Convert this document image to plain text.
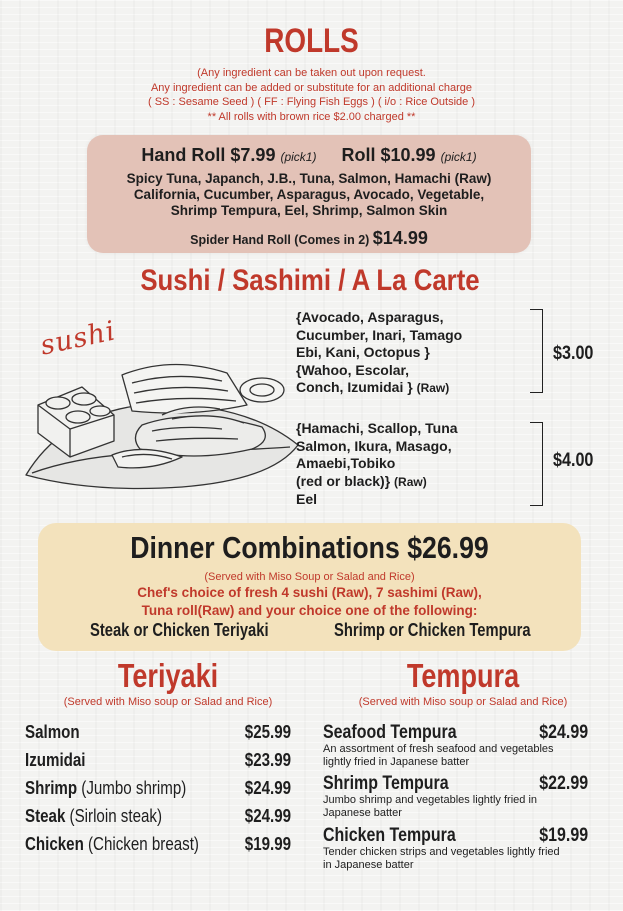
ROLLS
(Any ingredient can be taken out upon request.
Any ingredient can be added or substitute for an additional charge
( SS : Sesame Seed ) ( FF : Flying Fish Eggs ) ( i/o : Rice Outside )
** All rolls with brown rice $2.00 charged **
Hand Roll $7.99 (pick1) Roll $10.99 (pick1)
Spicy Tuna, Japanch, J.B., Tuna, Salmon, Hamachi (Raw)
California, Cucumber, Asparagus, Avocado, Vegetable,
Shrimp Tempura, Eel, Shrimp, Salmon Skin
Spider Hand Roll (Comes in 2) $14.99
Sushi / Sashimi / A La Carte
sushi	{Avocado, Asparagus,
Cucumber, Inari, Tamago
Ebi, Kani, Octopus }
{Wahoo, Escolar,
Conch, Izumidai } (Raw)
$3.00
{Hamachi, Scallop, Tuna
Salmon, Ikura, Masago,
Amaebi,Tobiko
(red or black)} (Raw)
Eel
$4.00
Dinner Combinations $26.99
(Served with Miso Soup or Salad and Rice)
Chef's choice of fresh 4 sushi (Raw), 7 sashimi (Raw),
Tuna roll(Raw) and your choice one of the following:
Steak or Chicken Teriyaki	Shrimp or Chicken Tempura
Teriyaki
(Served with Miso soup or Salad and Rice)
Salmon	$25.99
Izumidai	$23.99
Shrimp (Jumbo shrimp)	$24.99
Steak (Sirloin steak)	$24.99
Chicken (Chicken breast)	$19.99
Tempura
(Served with Miso soup or Salad and Rice)
Seafood Tempura	$24.99
An assortment of fresh seafood and vegetables lightly fried in Japanese batter
Shrimp Tempura	$22.99
Jumbo shrimp and vegetables lightly fried in Japanese batter
Chicken Tempura	$19.99
Tender chicken strips and vegetables lightly fried in Japanese batter
